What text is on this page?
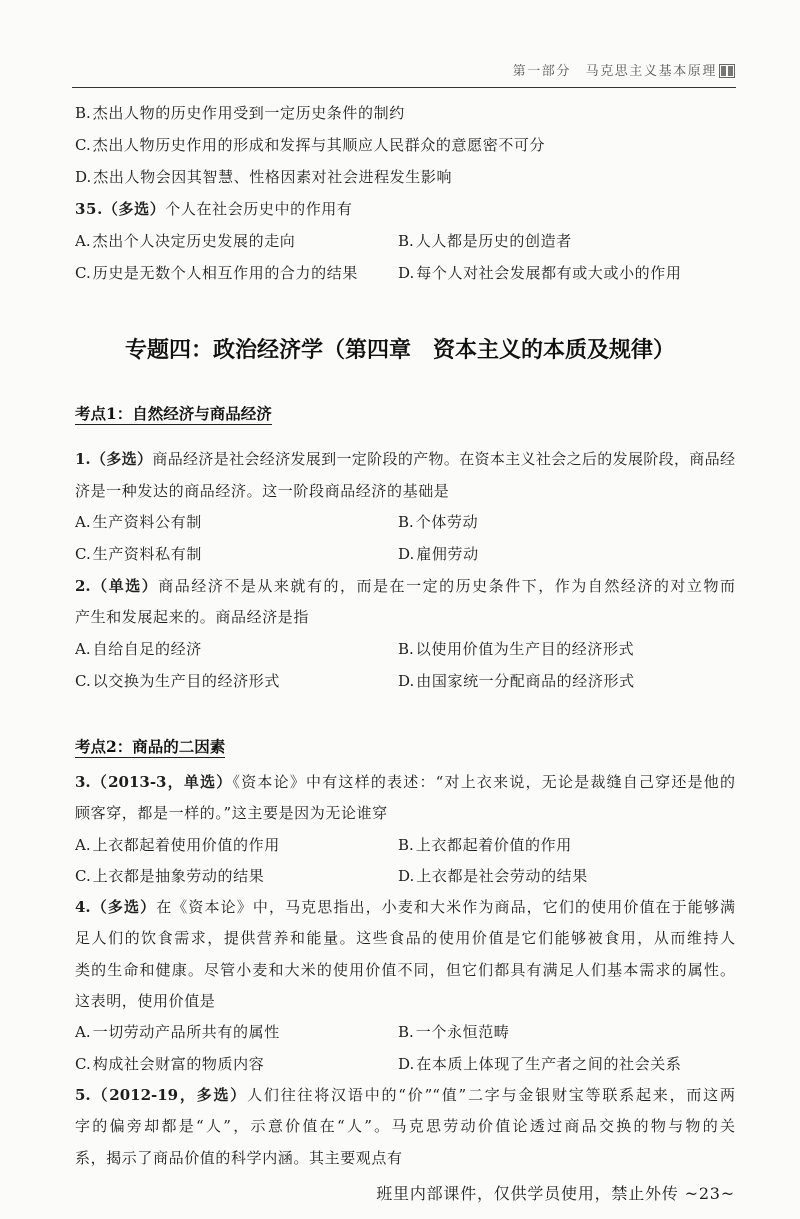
第一部分　马克思主义基本原理
B. 杰出人物的历史作用受到一定历史条件的制约
C. 杰出人物历史作用的形成和发挥与其顺应人民群众的意愿密不可分
D. 杰出人物会因其智慧、性格因素对社会进程发生影响
35.（多选）个人在社会历史中的作用有
A. 杰出个人决定历史发展的走向	B. 人人都是历史的创造者
C. 历史是无数个人相互作用的合力的结果	D. 每个人对社会发展都有或大或小的作用
专题四：政治经济学（第四章　资本主义的本质及规律）
考点1：自然经济与商品经济
1.（多选）商品经济是社会经济发展到一定阶段的产物。在资本主义社会之后的发展阶段，商品经
济是一种发达的商品经济。这一阶段商品经济的基础是
A. 生产资料公有制	B. 个体劳动
C. 生产资料私有制	D. 雇佣劳动
2.（单选）商品经济不是从来就有的，而是在一定的历史条件下，作为自然经济的对立物而
产生和发展起来的。商品经济是指
A. 自给自足的经济	B. 以使用价值为生产目的经济形式
C. 以交换为生产目的经济形式	D. 由国家统一分配商品的经济形式
考点2：商品的二因素
3.（2013-3，单选）《资本论》中有这样的表述：“对上衣来说，无论是裁缝自己穿还是他的
顾客穿，都是一样的。”这主要是因为无论谁穿
A. 上衣都起着使用价值的作用	B. 上衣都起着价值的作用
C. 上衣都是抽象劳动的结果	D. 上衣都是社会劳动的结果
4.（多选）在《资本论》中，马克思指出，小麦和大米作为商品，它们的使用价值在于能够满
足人们的饮食需求，提供营养和能量。这些食品的使用价值是它们能够被食用，从而维持人
类的生命和健康。尽管小麦和大米的使用价值不同，但它们都具有满足人们基本需求的属性。
这表明，使用价值是
A. 一切劳动产品所共有的属性	B. 一个永恒范畴
C. 构成社会财富的物质内容	D. 在本质上体现了生产者之间的社会关系
5.（2012-19，多选）人们往往将汉语中的“价”“值”二字与金银财宝等联系起来，而这两
字的偏旁却都是“人”，示意价值在“人”。马克思劳动价值论透过商品交换的物与物的关
系，揭示了商品价值的科学内涵。其主要观点有
班里内部课件，仅供学员使用，禁止外传 ~23~
